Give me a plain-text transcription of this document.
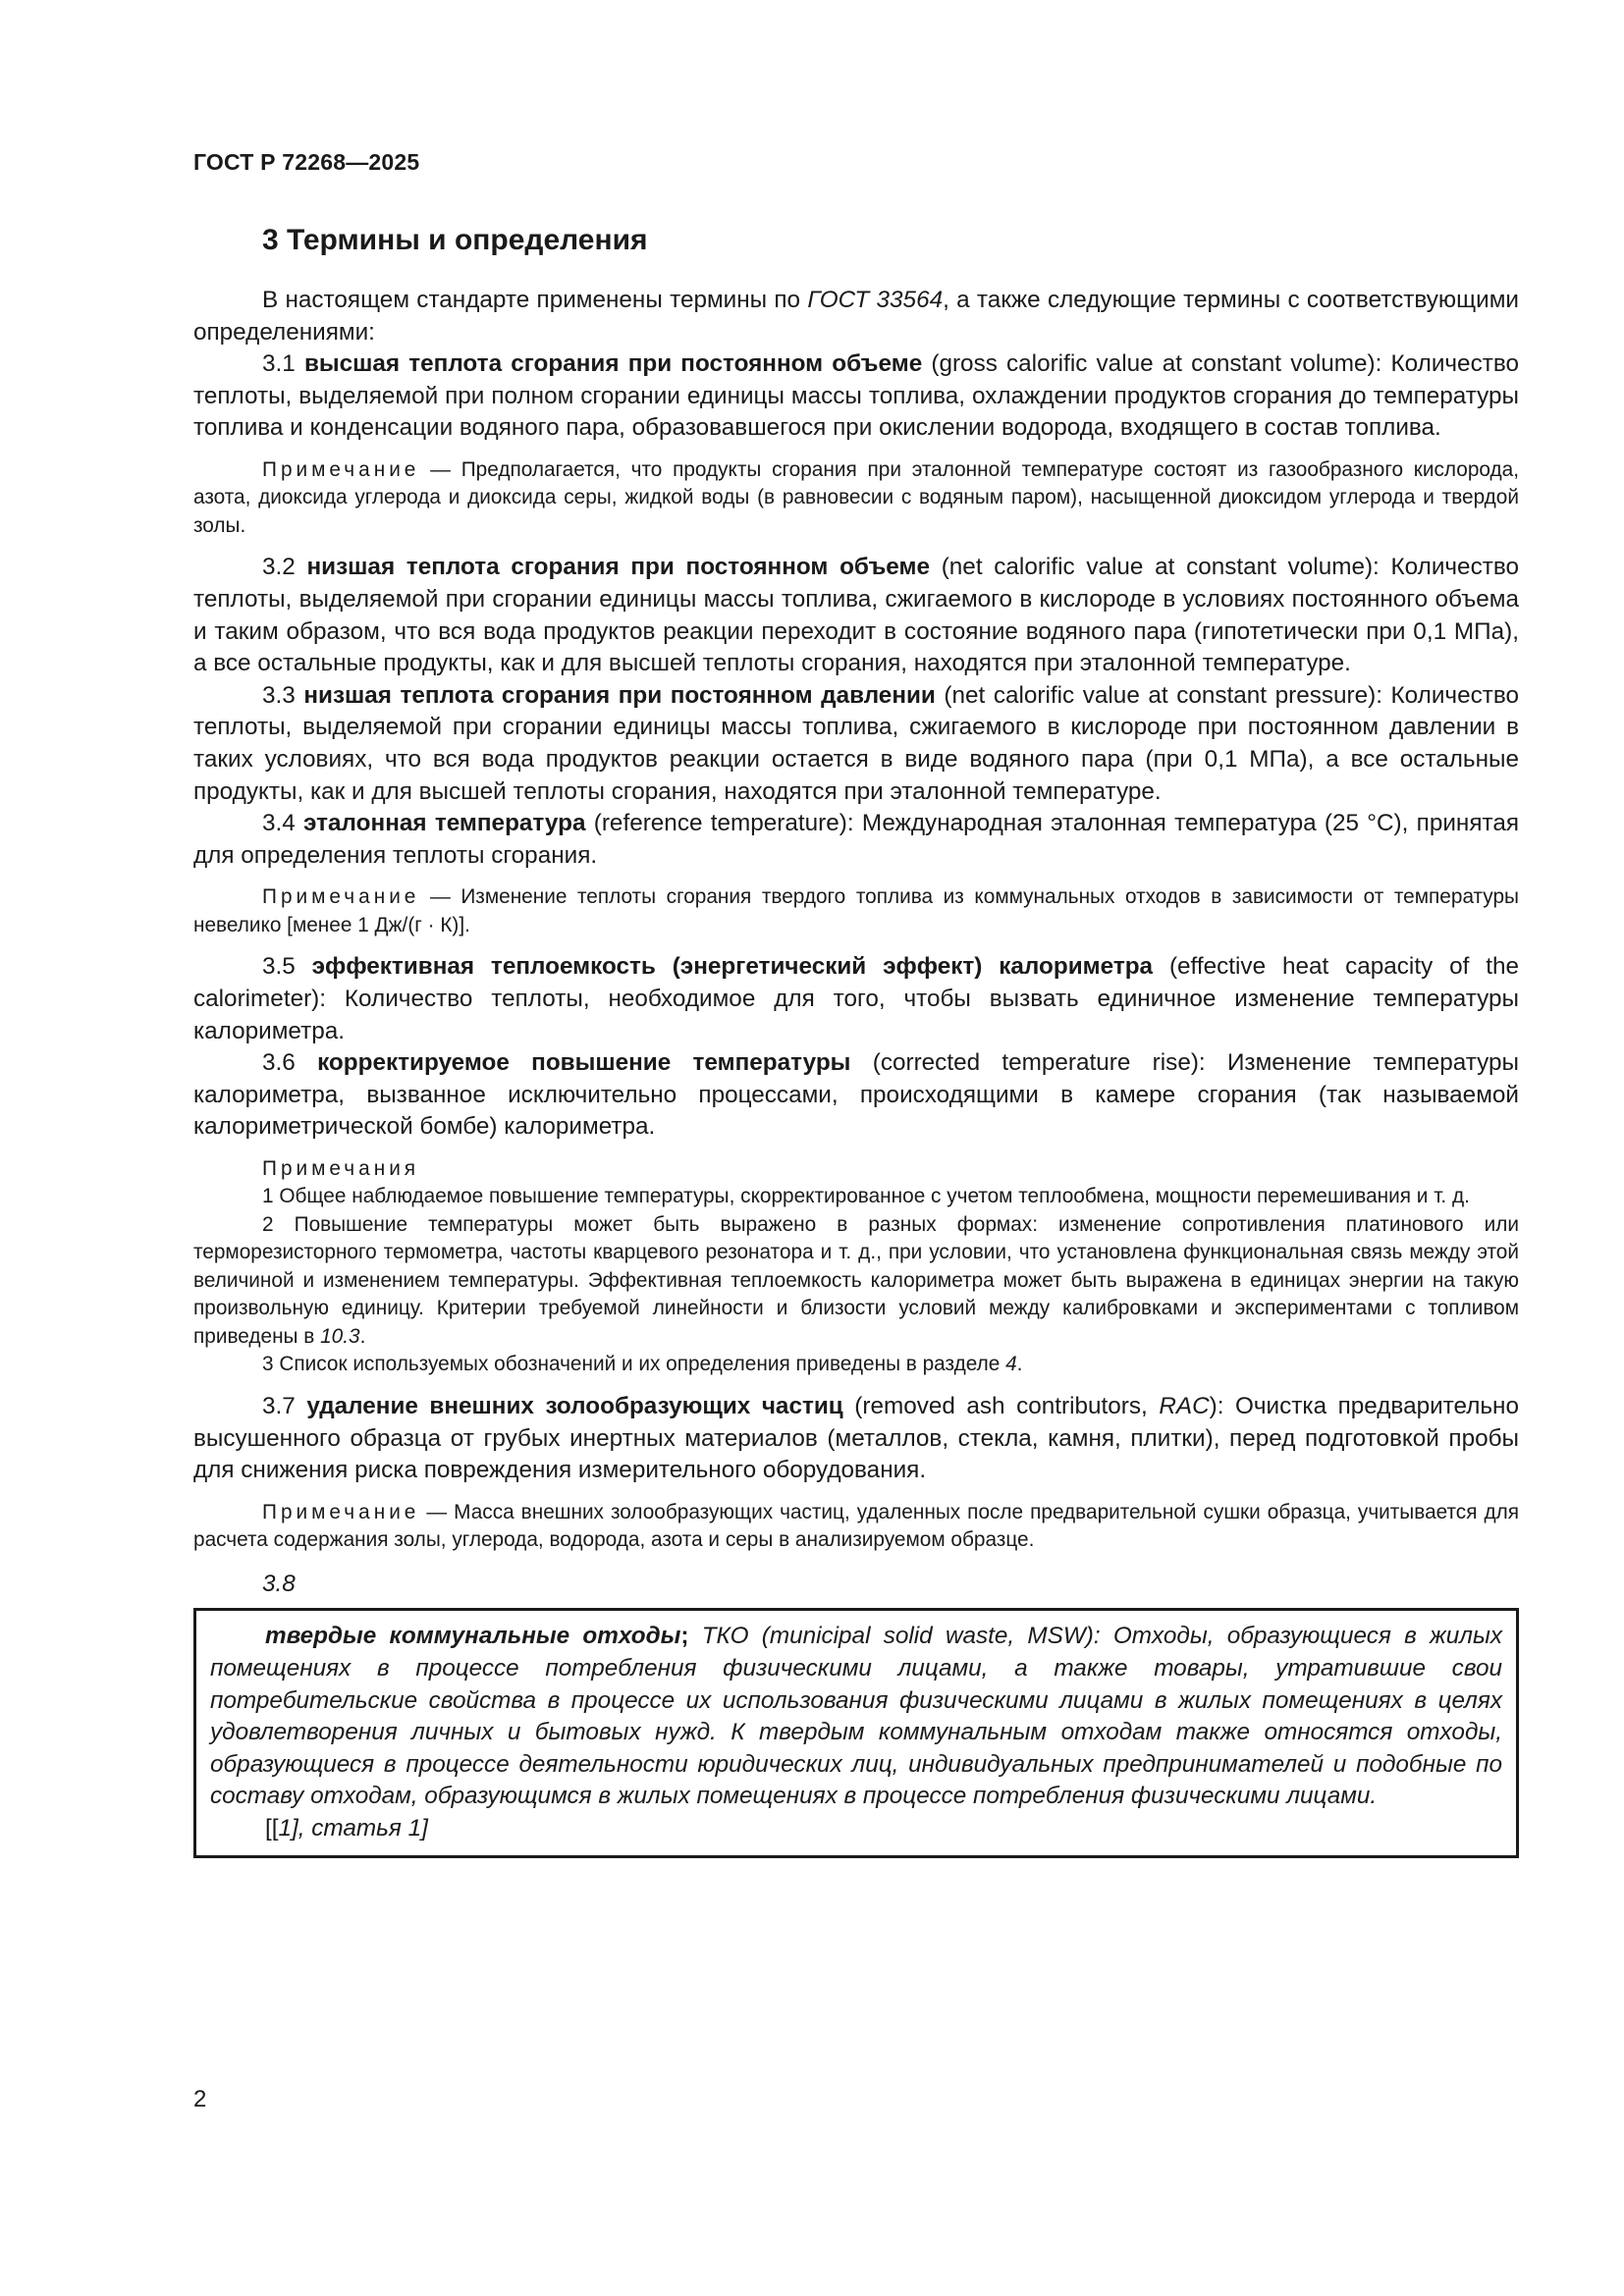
ГОСТ Р 72268—2025
3 Термины и определения

В настоящем стандарте применены термины по ГОСТ 33564, а также следующие термины с соответствующими определениями:

3.1 высшая теплота сгорания при постоянном объеме (gross calorific value at constant volume): Количество теплоты, выделяемой при полном сгорании единицы массы топлива, охлаждении продуктов сгорания до температуры топлива и конденсации водяного пара, образовавшегося при окислении водорода, входящего в состав топлива.

Примечание — Предполагается, что продукты сгорания при эталонной температуре состоят из газообразного кислорода, азота, диоксида углерода и диоксида серы, жидкой воды (в равновесии с водяным паром), насыщенной диоксидом углерода и твердой золы.

3.2 низшая теплота сгорания при постоянном объеме (net calorific value at constant volume): Количество теплоты, выделяемой при сгорании единицы массы топлива, сжигаемого в кислороде в условиях постоянного объема и таким образом, что вся вода продуктов реакции переходит в состояние водяного пара (гипотетически при 0,1 МПа), а все остальные продукты, как и для высшей теплоты сгорания, находятся при эталонной температуре.

3.3 низшая теплота сгорания при постоянном давлении (net calorific value at constant pressure): Количество теплоты, выделяемой при сгорании единицы массы топлива, сжигаемого в кислороде при постоянном давлении в таких условиях, что вся вода продуктов реакции остается в виде водяного пара (при 0,1 МПа), а все остальные продукты, как и для высшей теплоты сгорания, находятся при эталонной температуре.

3.4 эталонная температура (reference temperature): Международная эталонная температура (25 °С), принятая для определения теплоты сгорания.

Примечание — Изменение теплоты сгорания твердого топлива из коммунальных отходов в зависимости от температуры невелико [менее 1 Дж/(г · К)].

3.5 эффективная теплоемкость (энергетический эффект) калориметра (effective heat capacity of the calorimeter): Количество теплоты, необходимое для того, чтобы вызвать единичное изменение температуры калориметра.

3.6 корректируемое повышение температуры (corrected temperature rise): Изменение температуры калориметра, вызванное исключительно процессами, происходящими в камере сгорания (так называемой калориметрической бомбе) калориметра.

Примечания

1 Общее наблюдаемое повышение температуры, скорректированное с учетом теплообмена, мощности перемешивания и т. д.

2 Повышение температуры может быть выражено в разных формах: изменение сопротивления платинового или терморезисторного термометра, частоты кварцевого резонатора и т. д., при условии, что установлена функциональная связь между этой величиной и изменением температуры. Эффективная теплоемкость калориметра может быть выражена в единицах энергии на такую произвольную единицу. Критерии требуемой линейности и близости условий между калибровками и экспериментами с топливом приведены в 10.3.

3 Список используемых обозначений и их определения приведены в разделе 4.

3.7 удаление внешних золообразующих частиц (removed ash contributors, RAC): Очистка предварительно высушенного образца от грубых инертных материалов (металлов, стекла, камня, плитки), перед подготовкой пробы для снижения риска повреждения измерительного оборудования.

Примечание — Масса внешних золообразующих частиц, удаленных после предварительной сушки образца, учитывается для расчета содержания золы, углерода, водорода, азота и серы в анализируемом образце.

3.8

твердые коммунальные отходы; ТКО (municipal solid waste, MSW): Отходы, образующиеся в жилых помещениях в процессе потребления физическими лицами, а также товары, утратившие свои потребительские свойства в процессе их использования физическими лицами в жилых помещениях в целях удовлетворения личных и бытовых нужд. К твердым коммунальным отходам также относятся отходы, образующиеся в процессе деятельности юридических лиц, индивидуальных предпринимателей и подобные по составу отходам, образующимся в жилых помещениях в процессе потребления физическими лицами.

[[1], статья 1]

2
